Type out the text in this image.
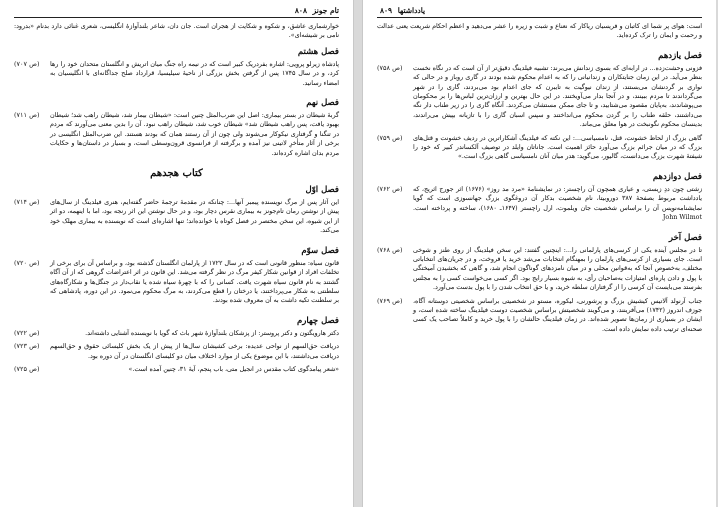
۸۰۸ تام جونز
خوارشماری عاشق، و شکوه و شکایت از هجران است. جان دان، شاعر بلندآوازهٔ انگلیسی، شعری غنائی دارد بدنام «بدرود: نامی بر شیشه‌ای».
فصل هشتم
(ص ۷۰۷) پادشاه زیرلو پرویی: اشاره بفردریک کبیر است که در نیمه راه جنگ میان اتریش و انگلستان متحدان خود را رها کرد، و در سال ۱۷۴۵ پس از گرفتن بخش بزرگی از ناحیهٔ سیلیسیا، قرارداد صلح جداگانه‌ای با انگلیسیان به امضاء رسانید.
فصل نهم
(ص ۷۱۱) گربهٔ شیطان در بستر بیماری: اصل این ضرب‌المثل چنین است: «شیطان بیمار شد، شیطان راهب شد؛ شیطان بهبود یافت، پس راهب شیطان شد» شیطان خوب شد، شیطان راهب نبود. آن را بدین معنی می‌آورند که مردم در تنگنا و گرفتاری نیکوکار می‌شوند ولی چون از آن رستند همان که بودند هستند. این ضرب‌المثل انگلیسی در برخی از آثار متأخرِ لاتینی نیز آمده و برگرفته از فرانسوی قرون‌وسطی است، و بسیار در داستان‌ها و حکایات مردم بدان اشاره کرده‌اند.
کتاب هجدهم
فصل اوّل
(ص ۷۱۴) این آثار پس از مرگ نویسنده پیمبر آنها...: چنانکه در مقدمهٔ ترجمهٔ حاضر گفته‌ایم، هنری فیلدینگ از سال‌های پیش از نوشتن رمان تام‌جونز به بیماری نقرس دچار بود، و در حال نوشتن این اثر رنجه بود، اما با اینهمه، دو اثر از این شیوه، این سخن مختصر در فصل کوتاه یا خوانده‌اند؛ تنها اشاره‌ای است که نویسنده به بیماری مهلک خود می‌کند.
فصل سوّم
(ص ۷۲۰) قانون سیاه: منظور قانونی است که در سال ۱۷۲۲ از پارلمان انگلستان گذشته بود، و براساس آن برای برخی از تخلفات افراد از قوانین شکار کیفر مرگ در نظر گرفته می‌شد. این قانون در اثر اعتراضات گروهی که از آن آگاه گشتند به نام قانون سیاه شهرت یافت. کسانی را که با چهرهٔ سیاه شده یا نقاب‌دار در جنگل‌ها و شکارگاه‌های سلطنتی به شکار می‌پرداختند، یا درختان را قطع می‌کردند، به مرگ محکوم می‌نمود. در این دوره، پادشاهی که بر سلطنت تکیه داشت به آن معروف شده بودند.
فصل چهارم
(ص ۷۲۲)	دکتر هارویگتون و دکتر پروستر: از پزشکان بلندآوازهٔ شهر باث که گویا با نویسنده آشنایی داشته‌اند.
(ص ۷۲۳) دریافت حق‌السهم از نواحی عدیده: برخی کشیشان سال‌ها از پیش از یک بخش کلیسائی حقوق و حق‌السهم دریافت می‌داشتند، با این موضوع یکی از موارد اختلاف میان دو کلیسای انگلستان در آن دوره بود.
(ص ۷۲۵)	«شعر پیامدگوی کتاب مقدس در انجیل متی، باب پنجم، آیهٔ ۳۱، چنین آمده است.»
یادداشتها ۸۰۹
است: هوای پر شما ای کاتبان و فریسیان ریاکار که نعناع و شبت و زیره را عشر می‌دهید و اعظم احکام شریعت یعنی عدالت و رحمت و ایمان را ترک کرده‌اید.
فصل یازدهم
(ص ۷۵۸) فزونی وحشت‌زده... در ارابه‌ای که بسوی زندانش می‌برند: تشبیه فیلدینگ دقیق‌تر از آن است که در نگاه نخست بنظر می‌آید. در این زمان جنایتکاران و زندانیانی را که به اعدام محکوم شده بودند در گاری روباز و در حالی که نواری بر گردنشان می‌بستند، از زندان نیوگیت به تایبرن که جای اعدام بود می‌بردند، گاری را در شهر می‌گرداندند تا مردم ببینند، و در آنجا بدار می‌آویختند. در این حال بهترین و ارزان‌ترین لباس‌ها را بر محکومان می‌پوشاندند، به‌پایان مقصود می‌شتابید، و تا جای ممکن مستشان می‌کردند. آنگاه گاری را در زیر طناب دار نگه می‌داشتند، حلقه طناب را بر گردن محکوم می‌انداختند و سپس اسبان گاری را با تازیانه بپیش می‌راندند، بدینسان محکوم نگونبخت در هوا معلق می‌ماند.
(ص ۷۵۹) گاهی بزرگ از لحاظ خشونت، قتل، نامسیاسی...: این نکته که فیلدینگ آشکاراترین در ردیف خشونت و قتل‌های بزرگ که در میان جرائم بزرگ می‌آورد حائز اهمیت است. جاناتان وایلد در توصیف آلکساندر کبیر که خود را شیفتهٔ شهرت بزرگ می‌دانست، گالیور، می‌گوید: هدر میان آنان نامسیاسی گاهی بزرگ است.»
فصل دوازدهم
(ص ۷۶۲) زشتی چون ددِ زیستی، و عیاری همچون آن راچستر: در نمایشنامهٔ «مرد مد روز» (۱۶۷۶) اثر جورج اثریج، که یادداشت مربوط بصفحهٔ ۳۸۷ دوروبیتا، نام شخصیت بدکار آن دروغگوی بزرگ جهانسوزی است که گویا نمایشنامه‌نویس آن را براساس شخصیت جان ویلموت، ارل راچستر (۱۶۴۷ـ ۱۶۸۰)، ساخته و پرداخته است. John Wilmot
فصل آخر
(ص ۷۶۸) تا در مجلس آینده یکی از کرسی‌های پارلمانی را...: اینچنین گفتند: این سخن فیلدینگ از روی طنز و شوخی است. جای بسیاری از کرسی‌های پارلمان را بمهنگام انتخابات می‌شد خرید یا فروخت، و در جریان‌های انتخاباتی مختلف، به‌خصوص آنجا که به‌قوانین محلی و در میان نامزدهای گوناگون انجام شد، و گاهی که بخشیدن آمیختگی با پول و دادن پاره‌ای امتیازات به‌صاحبان رأی، به شیوه بسیار رایج بود. اگر کسی می‌خواست کسی را به مجلس بفرستد می‌بایست آن کرسی را از گرفتاران سلطه خرید، و یا حق انتخاب شدن را با پول بدست می‌آورد.
(ص ۷۶۹) جناب آرنولد آلاتیس کیشیش بزرگ و پرشورنی، لیکوره، مستو در شخصیتی براساس شخصیتی دوستانه آگاه، جوزف اندروز (۱۷۴۲) می‌آفرینند، و می‌گویند شخصیتش براساس شخصیت دوست فیلدینگ ساخته شده است، و ایشان در بسیاری از رمان‌ها تصویر شده‌اند. در زمان فیلدینگ حالشان را با پول خرید و کاملاً تصاحب یک کسی صحنه‌ای ترتیب داده نمایش داده است.
